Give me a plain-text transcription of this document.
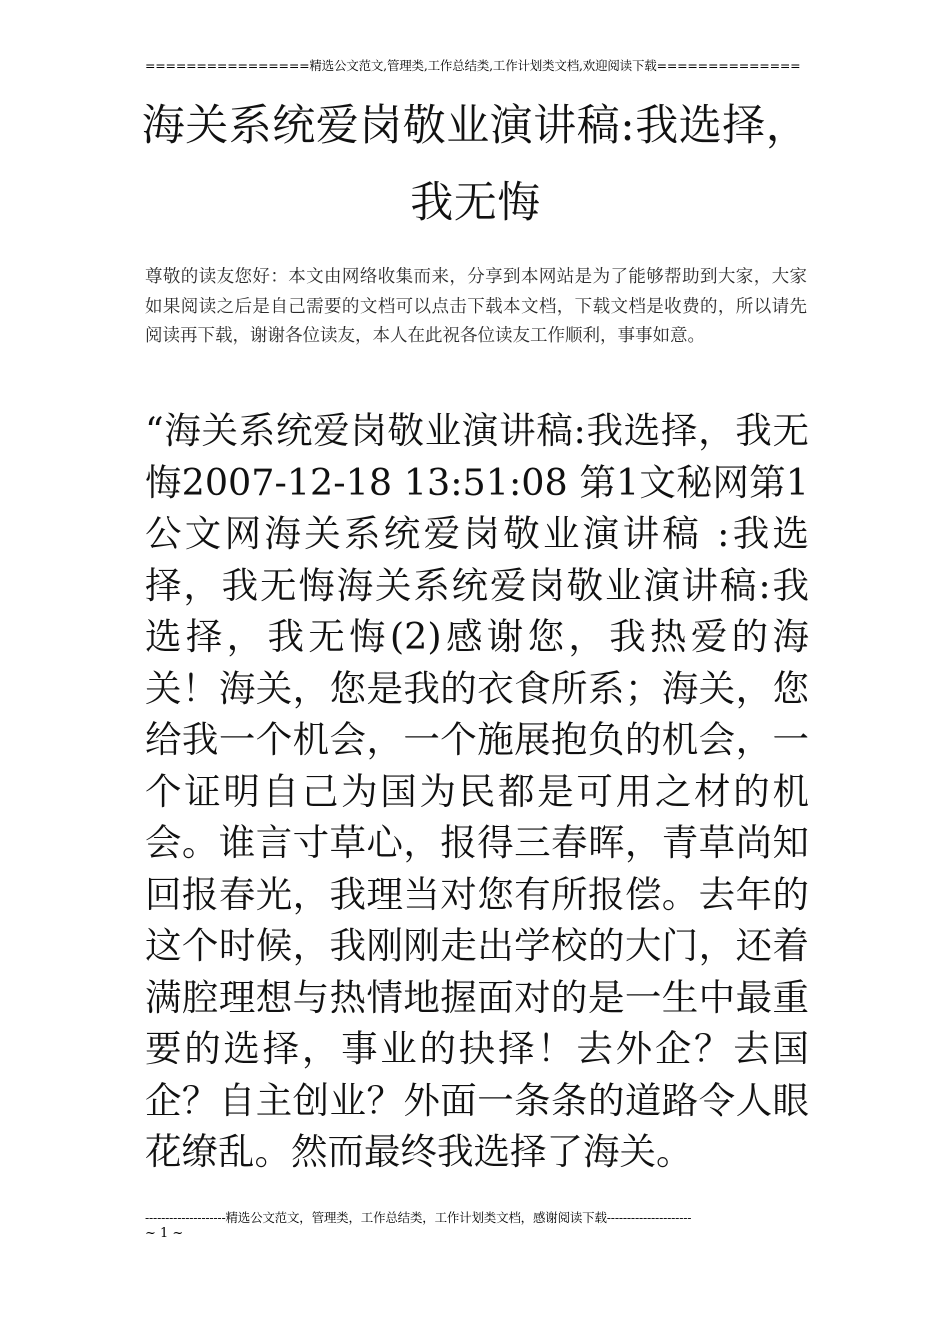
================精选公文范文,管理类,工作总结类,工作计划类文档,欢迎阅读下载==============
海关系统爱岗敬业演讲稿:我选择，我无悔
尊敬的读友您好：本文由网络收集而来，分享到本网站是为了能够帮助到大家，大家如果阅读之后是自己需要的文档可以点击下载本文档，下载文档是收费的，所以请先阅读再下载，谢谢各位读友，本人在此祝各位读友工作顺利，事事如意。
“海关系统爱岗敬业演讲稿:我选择，我无悔2007-12-18 13:51:08 第1文秘网第1公文网海关系统爱岗敬业演讲稿 :我选择，我无悔海关系统爱岗敬业演讲稿:我选择，我无悔(2)感谢您，我热爱的海关！海关，您是我的衣食所系；海关，您给我一个机会，一个施展抱负的机会，一个证明自己为国为民都是可用之材的机会。谁言寸草心，报得三春晖，青草尚知回报春光，我理当对您有所报偿。去年的这个时候，我刚刚走出学校的大门，还着满腔理想与热情地握面对的是一生中最重要的选择，事业的抉择！去外企？去国企？自主创业？外面一条条的道路令人眼花缭乱。然而最终我选择了海关。
--------------------精选公文范文，管理类，工作总结类，工作计划类文档，感谢阅读下载---------------------
~ 1 ~
